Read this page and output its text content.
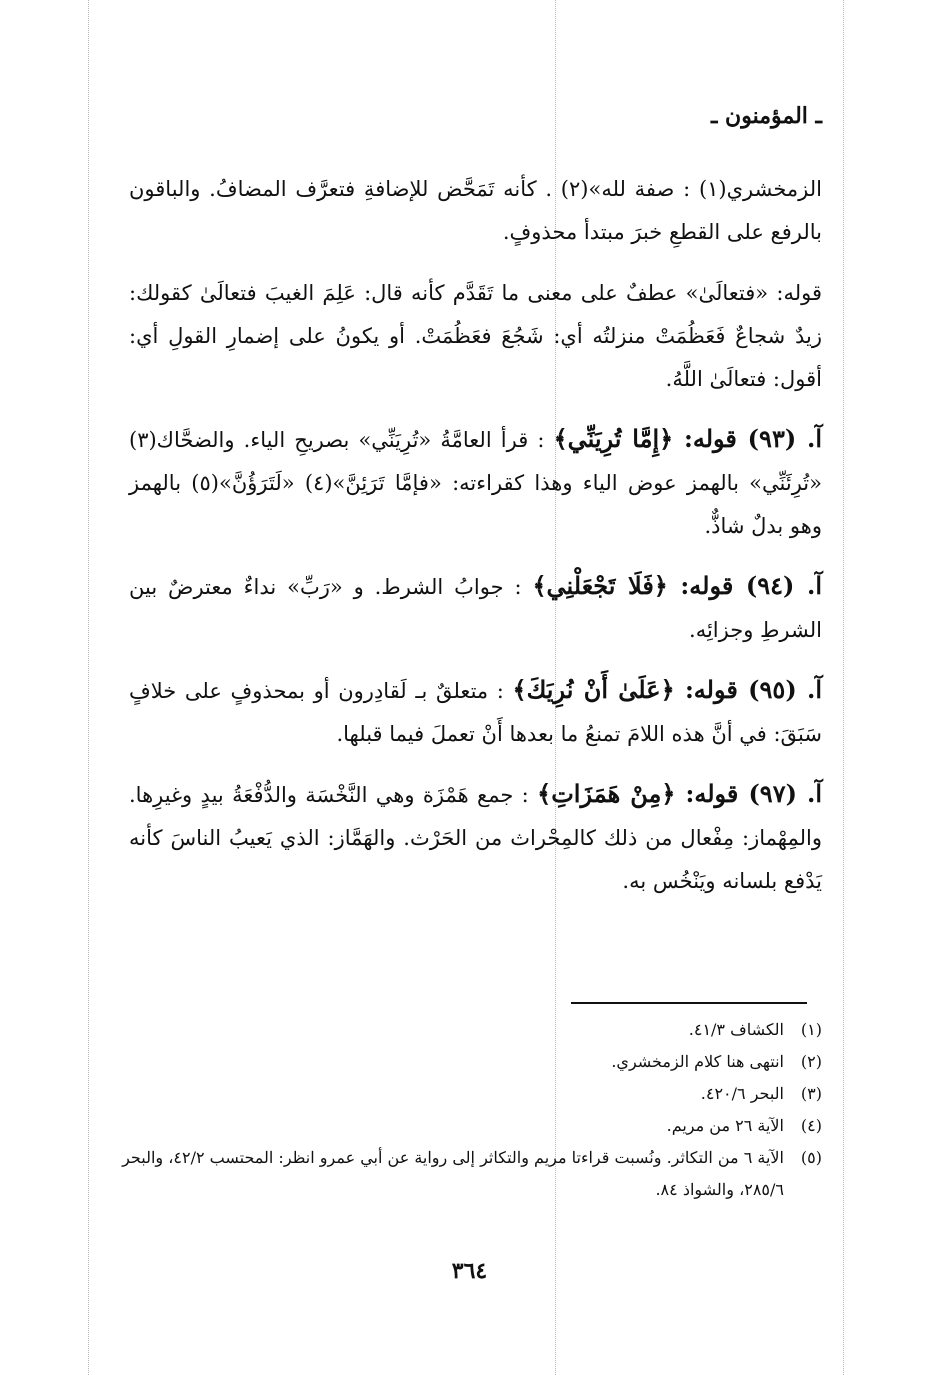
ـ المؤمنون ـ

الزمخشري(١) : صفة لله»(٢) . كأنه تَمَحَّض للإضافةِ فتعرَّف المضافُ. والباقون بالرفع على القطعِ خبرَ مبتدأ محذوفٍ.

قوله: «فتعالَىٰ» عطفٌ على معنى ما تَقَدَّم كأنه قال: عَلِمَ الغيبَ فتعالَىٰ كقولك: زيدٌ شجاعٌ فَعَظُمَتْ منزلتُه أي: شَجُعَ فعَظُمَتْ. أو يكونُ على إضمارِ القولِ أي: أقول: فتعالَىٰ اللَّهُ.

آ. (٩٣) قوله: ﴿إِمَّا تُرِيَنِّي﴾ : قرأ العامَّةُ «تُرِيَنِّي» بصريحِ الياء. والضحَّاك(٣) «تُرِئَنِّي» بالهمز عوض الياء وهذا كقراءته: «فإمَّا تَرَئِنَّ»(٤) «لَتَرَؤُنَّ»(٥) بالهمز وهو بدلٌ شاذٌّ.

آ. (٩٤) قوله: ﴿فَلَا تَجْعَلْنِي﴾ : جوابُ الشرط. و «رَبِّ» نداءٌ معترضٌ بين الشرطِ وجزائِه.

آ. (٩٥) قوله: ﴿عَلَىٰ أَنْ نُرِيَكَ﴾ : متعلقٌ بـ لَقادِرون أو بمحذوفٍ على خلافٍ سَبَقَ: في أنَّ هذه اللامَ تمنعُ ما بعدها أَنْ تعملَ فيما قبلها.

آ. (٩٧) قوله: ﴿مِنْ هَمَزَاتِ﴾ : جمع هَمْزَة وهي النَّخْسَة والدُّفْعَةُ بيدٍ وغيرِها. والمِهْماز: مِفْعال من ذلك كالمِحْراث من الحَرْث. والهَمَّاز: الذي يَعيبُ الناسَ كأنه يَدْفع بلسانه ويَنْخُس به.

(١)
الكشاف ٤١/٣.

(٢)
انتهى هنا كلام الزمخشري.

(٣)
البحر ٤٢٠/٦.

(٤)
الآية ٢٦ من مريم.

(٥)
الآية ٦ من التكاثر. ونُسبت قراءتا مريم والتكاثر إلى رواية عن أبي عمرو انظر: المحتسب ٤٢/٢، والبحر ٢٨٥/٦، والشواذ ٨٤.

٣٦٤
